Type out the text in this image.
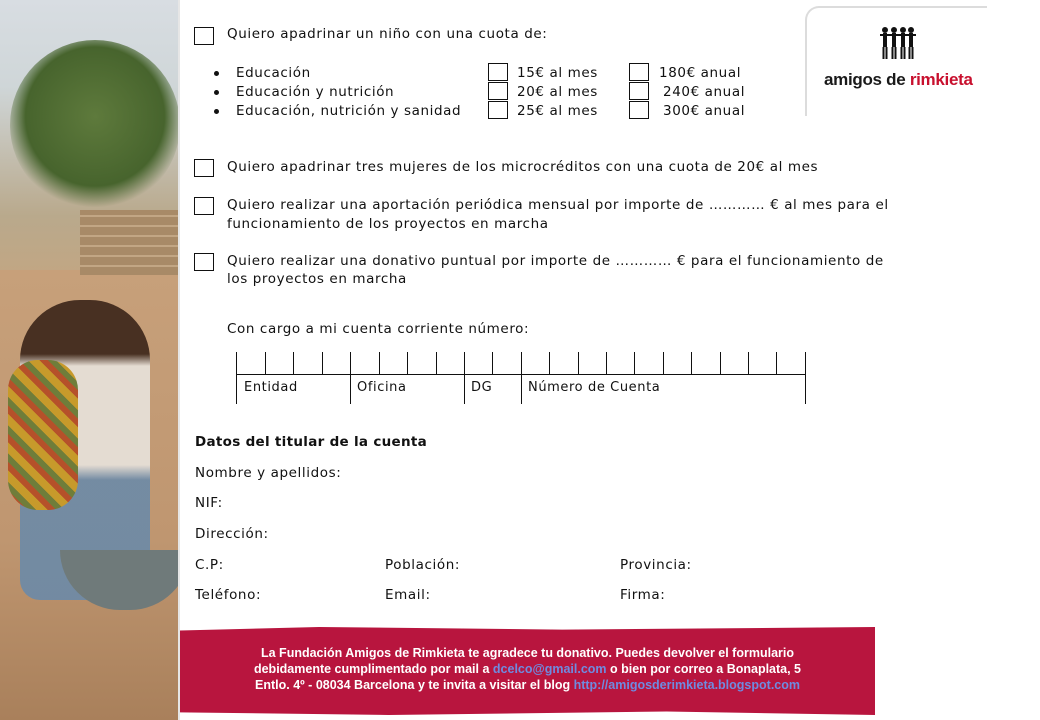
amigos de rimkieta
Quiero apadrinar un niño con una cuota de:
Educación	15€ al mes	180€ anual
Educación y nutrición	20€ al mes	240€ anual
Educación, nutrición y sanidad	25€ al mes	300€ anual
Quiero apadrinar tres mujeres de los microcréditos con una cuota de 20€ al mes
Quiero realizar una aportación periódica mensual por importe de ………… € al mes para el
funcionamiento de los proyectos en marcha
Quiero realizar una donativo puntual por importe de ………… € para el funcionamiento de
los proyectos en marcha
Con cargo a mi cuenta corriente número:
Entidad	Oficina	DG	Número de Cuenta
Datos del titular de la cuenta
Nombre y apellidos:
NIF:
Dirección:
C.P:	Población:	Provincia:
Teléfono:	Email:	Firma:
La Fundación Amigos de Rimkieta te agradece tu donativo. Puedes devolver el formulario
debidamente cumplimentado por mail a dcelco@gmail.com o bien por correo a Bonaplata, 5
Entlo. 4º - 08034 Barcelona y te invita a visitar el blog http://amigosderimkieta.blogspot.com
